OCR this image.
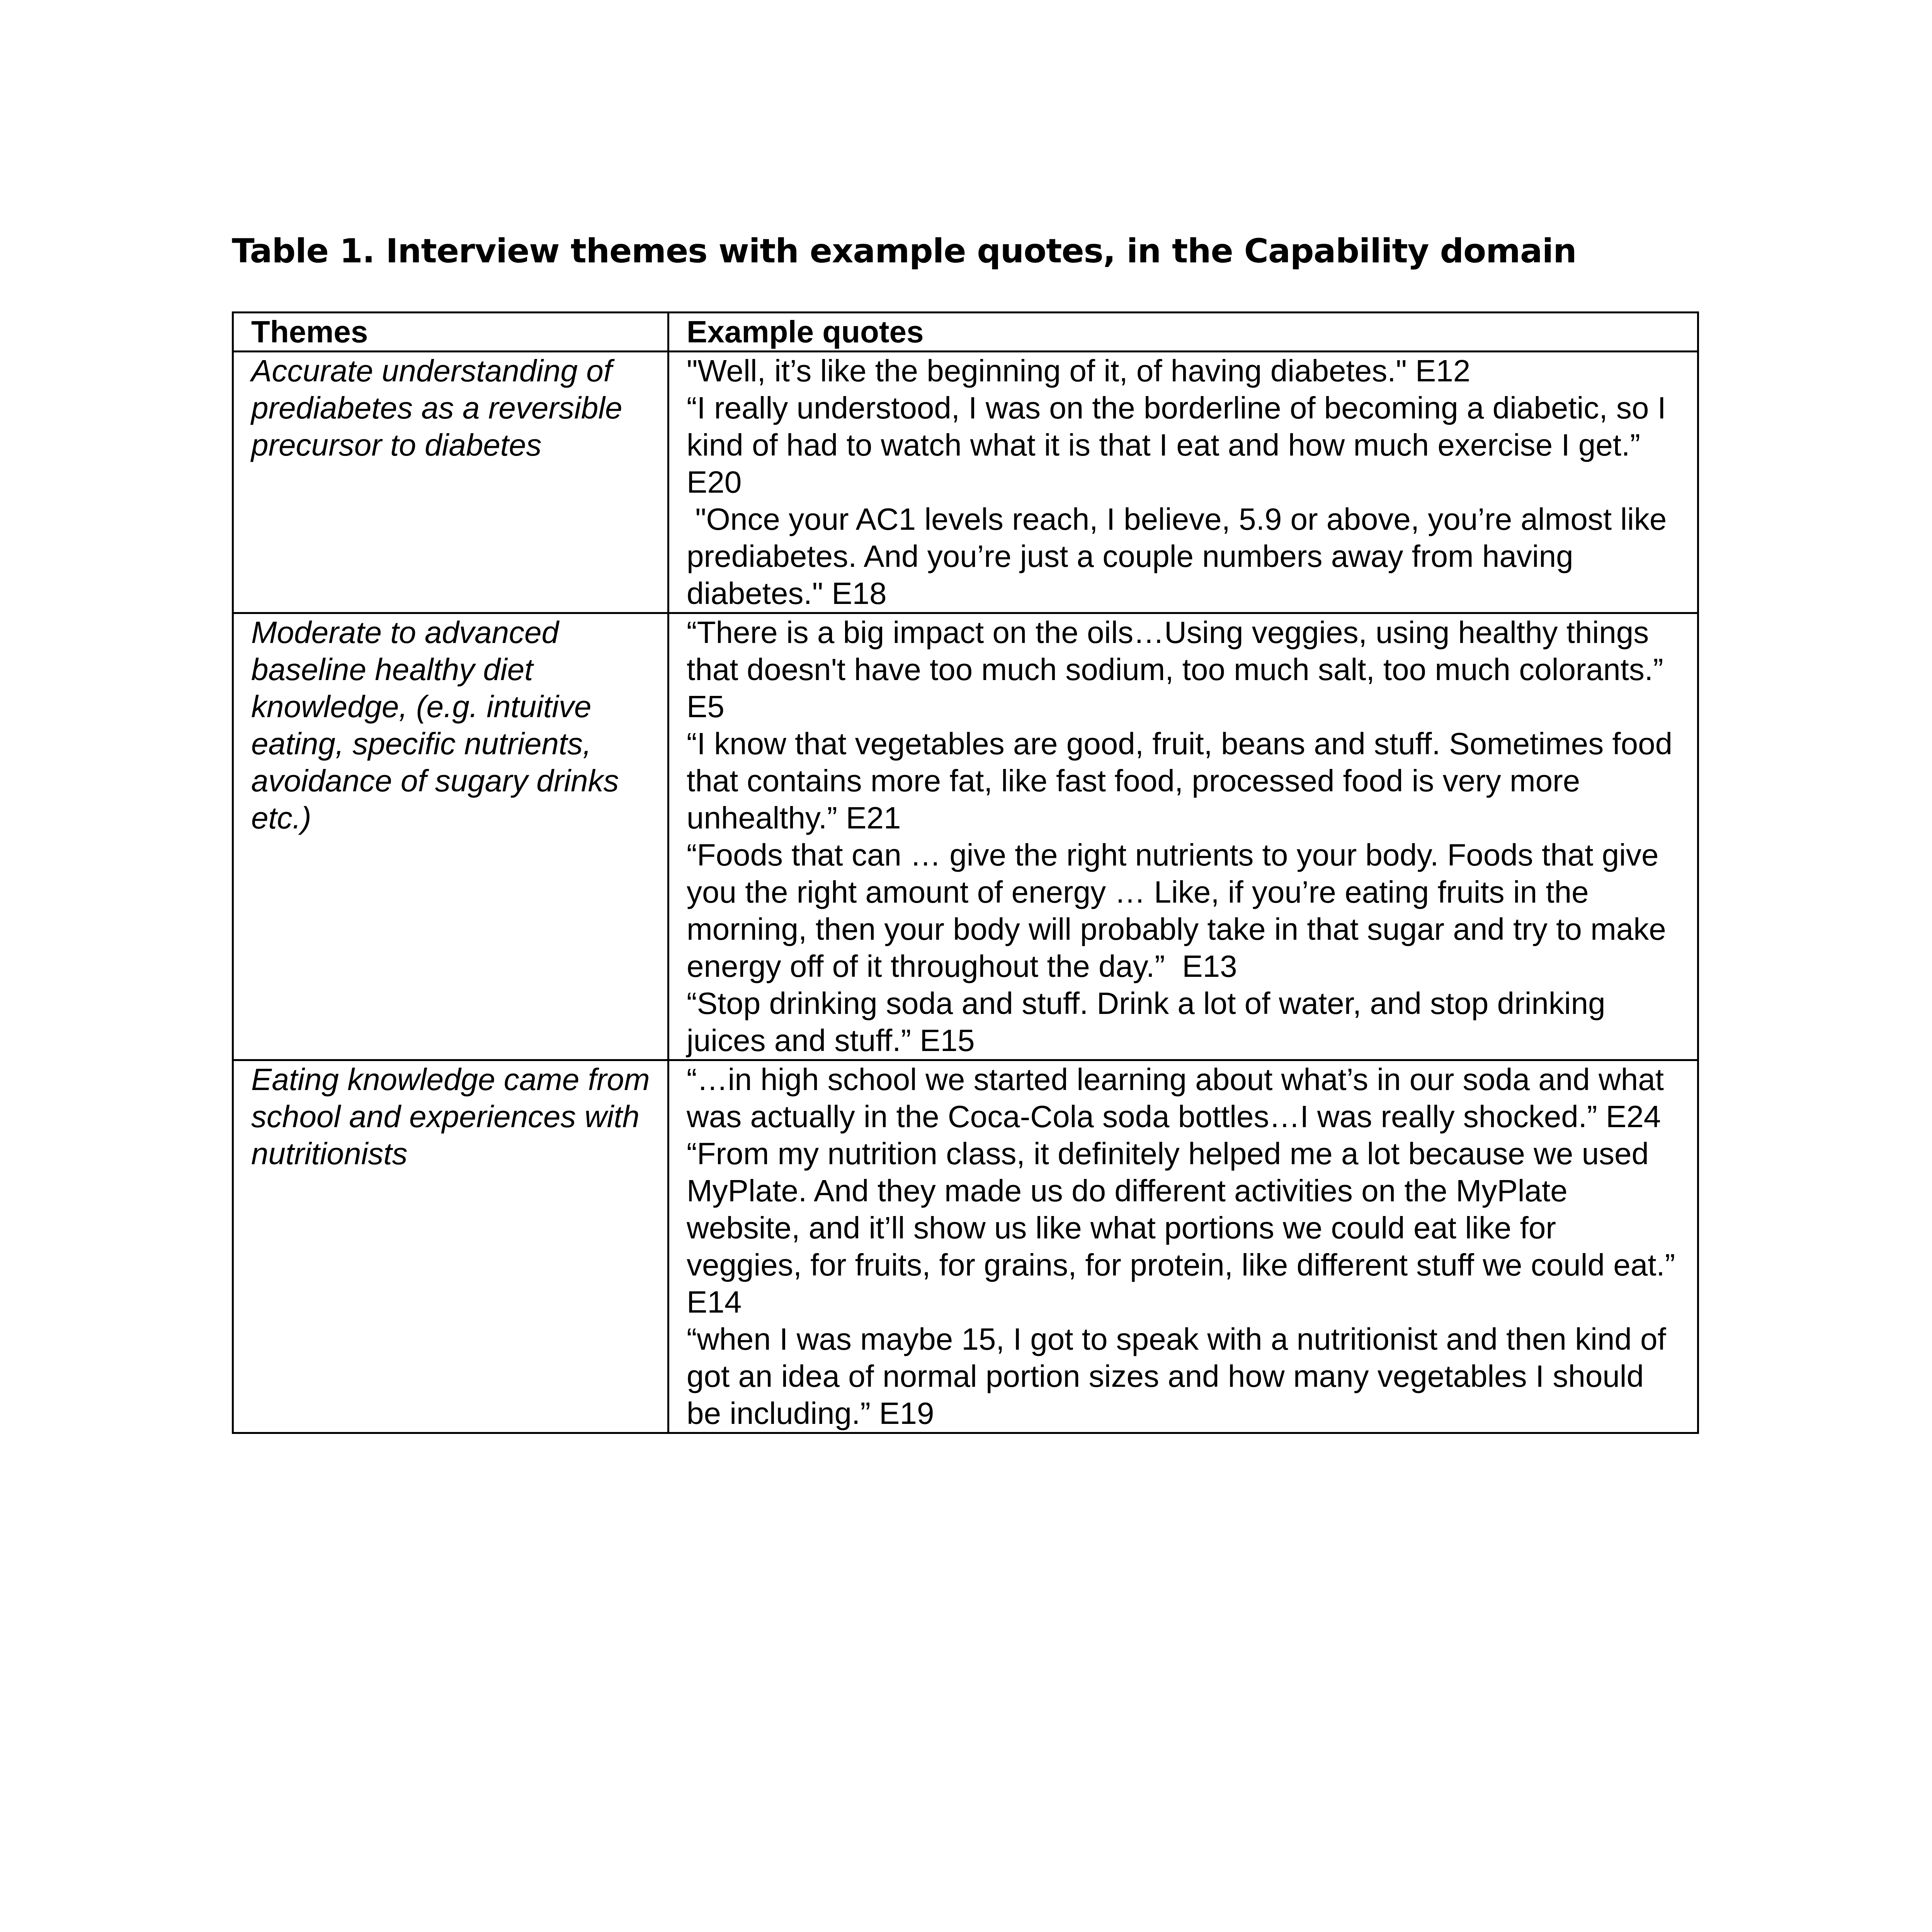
Table 1. Interview themes with example quotes, in the Capability domain
Themes	Example quotes
Accurate understanding of prediabetes as a reversible precursor to diabetes	"Well, it’s like the beginning of it, of having diabetes." E12
“I really understood, I was on the borderline of becoming a diabetic, so I kind of had to watch what it is that I eat and how much exercise I get.” E20
"Once your AC1 levels reach, I believe, 5.9 or above, you’re almost like prediabetes. And you’re just a couple numbers away from having diabetes." E18

Moderate to advanced baseline healthy diet knowledge, (e.g. intuitive eating, specific nutrients, avoidance of sugary drinks etc.)	“There is a big impact on the oils…Using veggies, using healthy things that doesn't have too much sodium, too much salt, too much colorants.” E5
“I know that vegetables are good, fruit, beans and stuff. Sometimes food that contains more fat, like fast food, processed food is very more unhealthy.” E21
“Foods that can … give the right nutrients to your body. Foods that give you the right amount of energy … Like, if you’re eating fruits in the morning, then your body will probably take in that sugar and try to make energy off of it throughout the day.”  E13
“Stop drinking soda and stuff. Drink a lot of water, and stop drinking juices and stuff.” E15

Eating knowledge came from school and experiences with nutritionists	“…in high school we started learning about what’s in our soda and what was actually in the Coca-Cola soda bottles…I was really shocked.” E24
“From my nutrition class, it definitely helped me a lot because we used MyPlate. And they made us do different activities on the MyPlate website, and it’ll show us like what portions we could eat like for veggies, for fruits, for grains, for protein, like different stuff we could eat.” E14
“when I was maybe 15, I got to speak with a nutritionist and then kind of got an idea of normal portion sizes and how many vegetables I should be including.” E19
